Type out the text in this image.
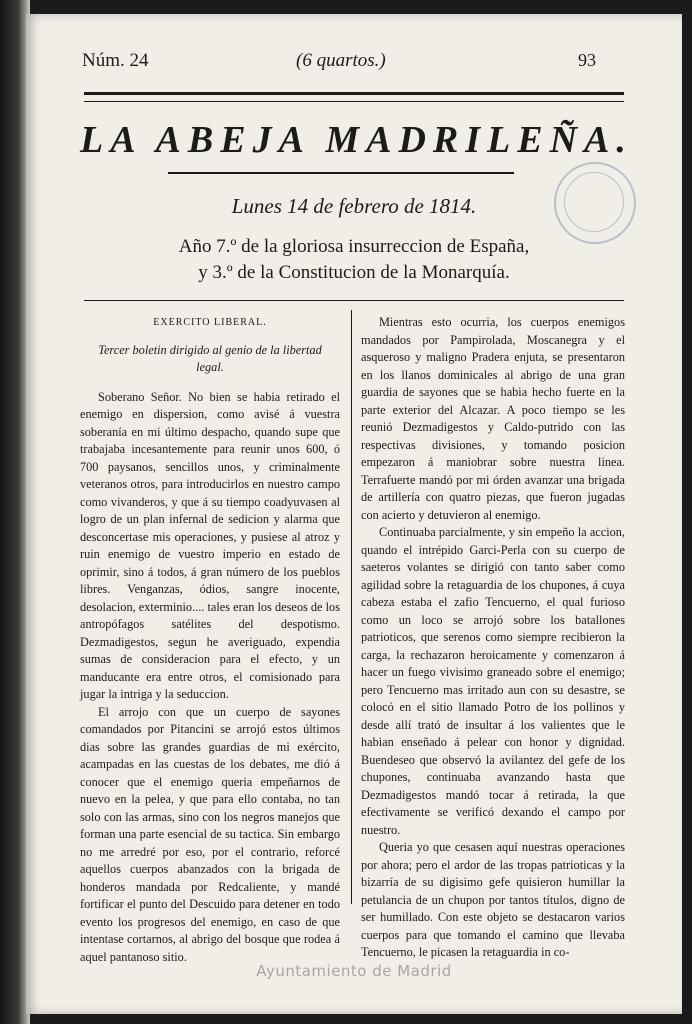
Núm. 24	(6 quartos.)	93
LA ABEJA MADRILEÑA.
Lunes 14 de febrero de 1814.
Año 7.º de la gloriosa insurreccion de España,
y 3.º de la Constitucion de la Monarquía.

EXERCITO LIBERAL.

Tercer boletin dirigido al genio de la libertad legal.

Soberano Señor. No bien se habia retirado el enemigo en dispersion, como avisé á vuestra soberanía en mi último despacho, quando supe que trabajaba incesantemente para reunir unos 600, ó 700 paysanos, sencillos unos, y criminalmente veteranos otros, para introducirlos en nuestro campo como vivanderos, y que á su tiempo coadyuvasen al logro de un plan infernal de sedicion y alarma que desconcertase mis operaciones, y pusiese al atroz y ruin enemigo de vuestro imperio en estado de oprimir, sino á todos, á gran número de los pueblos libres. Venganzas, ódios, sangre inocente, desolacion, exterminio.... tales eran los deseos de los antropófagos satélites del despotismo. Dezmadigestos, segun he averiguado, expendia sumas de consideracion para el efecto, y un manducante era entre otros, el comisionado para jugar la intriga y la seduccion.

El arrojo con que un cuerpo de sayones comandados por Pitancini se arrojó estos últimos dias sobre las grandes guardias de mi exército, acampadas en las cuestas de los debates, me dió á conocer que el enemigo queria empeñarnos de nuevo en la pelea, y que para ello contaba, no tan solo con las armas, sino con los negros manejos que forman una parte esencial de su tactica. Sin embargo no me arredré por eso, por el contrario, reforcé aquellos cuerpos abanzados con la brigada de honderos mandada por Redcaliente, y mandé fortificar el punto del Descuido para detener en todo evento los progresos del enemigo, en caso de que intentase cortarnos, al abrigo del bosque que rodea á aquel pantanoso sitio.

Mientras esto ocurria, los cuerpos enemigos mandados por Pampirolada, Moscanegra y el asqueroso y maligno Pradera enjuta, se presentaron en los llanos dominicales al abrigo de una gran guardia de sayones que se habia hecho fuerte en la parte exterior del Alcazar. A poco tiempo se les reunió Dezmadigestos y Caldo-putrido con las respectivas divisiones, y tomando posicion empezaron á maniobrar sobre nuestra linea. Terrafuerte mandó por mi órden avanzar una brigada de artillería con quatro piezas, que fueron jugadas con acierto y detuvieron al enemigo.

Continuaba parcialmente, y sin empeño la accion, quando el intrépido Garci-Perla con su cuerpo de saeteros volantes se dirigió con tanto saber como agilidad sobre la retaguardia de los chupones, á cuya cabeza estaba el zafio Tencuerno, el qual furioso como un loco se arrojó sobre los batallones patrioticos, que serenos como siempre recibieron la carga, la rechazaron heroicamente y comenzaron á hacer un fuego vivisimo graneado sobre el enemigo; pero Tencuerno mas irritado aun con su desastre, se colocó en el sitio llamado Potro de los pollinos y desde allí trató de insultar á los valientes que le habian enseñado á pelear con honor y dignidad. Buendeseo que observó la avilantez del gefe de los chupones, continuaba avanzando hasta que Dezmadigestos mandó tocar á retirada, la que efectivamente se verificó dexando el campo por nuestro.

Queria yo que cesasen aquí nuestras operaciones por ahora; pero el ardor de las tropas patrioticas y la bizarría de su digisimo gefe quisieron humillar la petulancia de un chupon por tantos títulos, digno de ser humillado. Con este objeto se destacaron varios cuerpos para que tomando el camino que llevaba Tencuerno, le picasen la retaguardia in co-

Ayuntamiento de Madrid
